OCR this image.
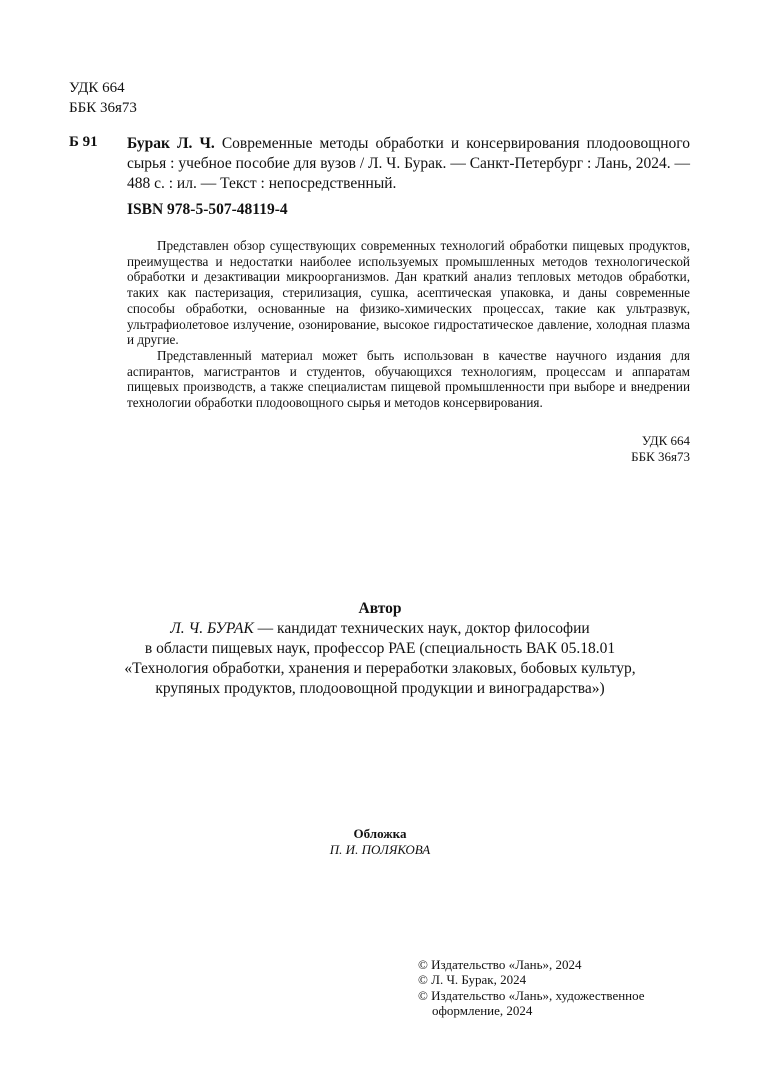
УДК 664
ББК 36я73
Б 91 Бурак Л. Ч. Современные методы обработки и консервирования плодоовощного сырья : учебное пособие для вузов / Л. Ч. Бурак. — Санкт-Петербург : Лань, 2024. — 488 с. : ил. — Текст : непосредственный.
ISBN 978-5-507-48119-4

Представлен обзор существующих современных технологий обработки пищевых продуктов, преимущества и недостатки наиболее используемых промышленных методов технологической обработки и дезактивации микроорганизмов. Дан краткий анализ тепловых методов обработки, таких как пастеризация, стерилизация, сушка, асептическая упаковка, и даны современные способы обработки, основанные на физико-химических процессах, такие как ультразвук, ультрафиолетовое излучение, озонирование, высокое гидростатическое давление, холодная плазма и другие.

Представленный материал может быть использован в качестве научного издания для аспирантов, магистрантов и студентов, обучающихся технологиям, процессам и аппаратам пищевых производств, а также специалистам пищевой промышленности при выборе и внедрении технологии обработки плодоовощного сырья и методов консервирования.

УДК 664
ББК 36я73
Автор
Л. Ч. БУРАК — кандидат технических наук, доктор философии
в области пищевых наук, профессор РАЕ (специальность ВАК 05.18.01
«Технология обработки, хранения и переработки злаковых, бобовых культур,
крупяных продуктов, плодоовощной продукции и виноградарства»)
Обложка
П. И. ПОЛЯКОВА
© Издательство «Лань», 2024
© Л. Ч. Бурак, 2024
© Издательство «Лань», художественное
оформление, 2024
